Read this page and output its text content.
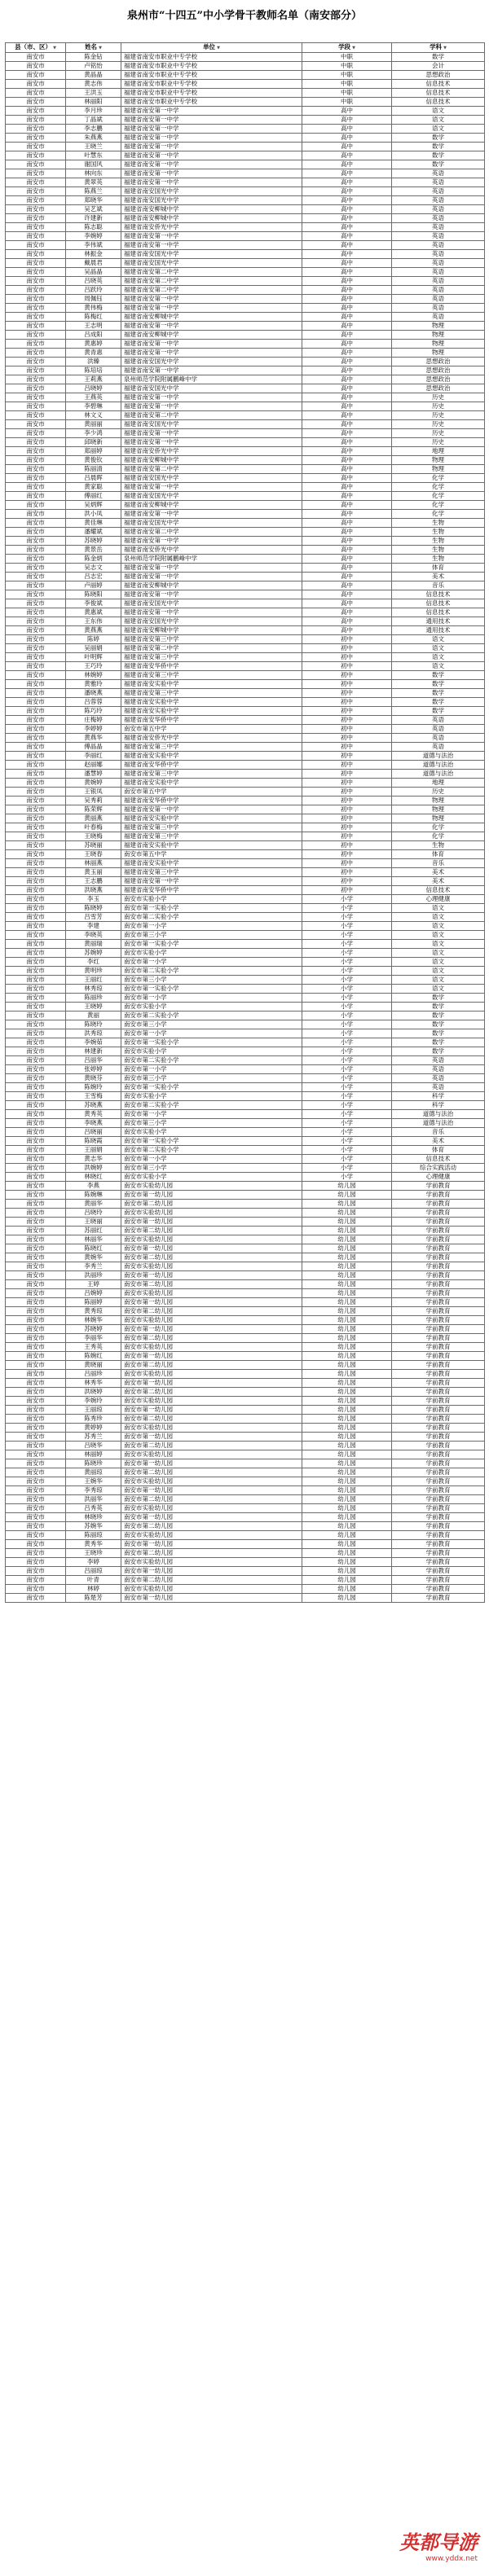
泉州市“十四五”中小学骨干教师名单（南安部分）
县（市、区） ▼	姓名 ▼	单位 ▼	学段 ▼	学科 ▼
南安市	陈金钻	福建省南安市职业中专学校	中职	数学
南安市	卢铭怡	福建省南安市职业中专学校	中职	会计
南安市	黄晶晶	福建省南安市职业中专学校	中职	思想政治
南安市	黄志伟	福建省南安市职业中专学校	中职	信息技术
南安市	王洪玉	福建省南安市职业中专学校	中职	信息技术
南安市	林丽阳	福建省南安市职业中专学校	中职	信息技术
南安市	李月珍	福建省南安第一中学	高中	语文
南安市	丁晶斌	福建省南安第一中学	高中	语文
南安市	李志鹏	福建省南安第一中学	高中	语文
南安市	朱燕燕	福建省南安第一中学	高中	数学
南安市	王晓兰	福建省南安第一中学	高中	数学
南安市	叶慧东	福建省南安第一中学	高中	数学
南安市	谢国风	福建省南安第一中学	高中	数学
南安市	林向东	福建省南安第一中学	高中	英语
南安市	黄翠英	福建省南安第一中学	高中	英语
南安市	陈燕兰	福建省南安国光中学	高中	英语
南安市	郑晓华	福建省南安国光中学	高中	英语
南安市	吴艺斌	福建省南安柳城中学	高中	英语
南安市	许建新	福建省南安柳城中学	高中	英语
南安市	陈志聪	福建省南安侨光中学	高中	英语
南安市	李婉婷	福建省南安第一中学	高中	英语
南安市	李伟斌	福建省南安第一中学	高中	英语
南安市	林振金	福建省南安国光中学	高中	英语
南安市	戴晨君	福建省南安国光中学	高中	英语
南安市	吴晶晶	福建省南安第二中学	高中	英语
南安市	吕晓英	福建省南安第二中学	高中	英语
南安市	吕跃玲	福建省南安第二中学	高中	英语
南安市	周佩钰	福建省南安第一中学	高中	英语
南安市	黄伟梅	福建省南安第一中学	高中	英语
南安市	陈梅红	福建省南安柳城中学	高中	英语
南安市	王志明	福建省南安第一中学	高中	物理
南安市	吕成阳	福建省南安柳城中学	高中	物理
南安市	黄惠婷	福建省南安第一中学	高中	物理
南安市	黄青惠	福建省南安第一中学	高中	物理
南安市	洪臻	福建省南安国光中学	高中	思想政治
南安市	陈培培	福建省南安第一中学	高中	思想政治
南安市	王莉燕	泉州师范学院附属鹏峰中学	高中	思想政治
南安市	吕晓婷	福建省南安国光中学	高中	思想政治
南安市	王燕英	福建省南安第一中学	高中	历史
南安市	李碧琳	福建省南安第一中学	高中	历史
南安市	林文义	福建省南安第二中学	高中	历史
南安市	黄丽丽	福建省南安国光中学	高中	历史
南安市	李少鸿	福建省南安第一中学	高中	历史
南安市	邱晓新	福建省南安第一中学	高中	历史
南安市	郑丽婷	福建省南安侨光中学	高中	地理
南安市	黄俊钦	福建省南安柳城中学	高中	物理
南安市	陈丽清	福建省南安第二中学	高中	物理
南安市	吕晨晖	福建省南安国光中学	高中	化学
南安市	黄家聪	福建省南安第一中学	高中	化学
南安市	傅丽红	福建省南安国光中学	高中	化学
南安市	吴炳辉	福建省南安柳城中学	高中	化学
南安市	洪小凤	福建省南安第一中学	高中	化学
南安市	黄佳琳	福建省南安国光中学	高中	生物
南安市	潘耀斌	福建省南安第二中学	高中	生物
南安市	苏晓婷	福建省南安第一中学	高中	生物
南安市	黄景岳	福建省南安侨光中学	高中	生物
南安市	陈金炳	泉州师范学院附属鹏峰中学	高中	生物
南安市	吴志文	福建省南安第一中学	高中	体育
南安市	吕志宏	福建省南安第一中学	高中	美术
南安市	卢丽婷	福建省南安柳城中学	高中	音乐
南安市	陈晓阳	福建省南安第一中学	高中	信息技术
南安市	李俊斌	福建省南安国光中学	高中	信息技术
南安市	黄惠斌	福建省南安第一中学	高中	信息技术
南安市	王东伟	福建省南安国光中学	高中	通用技术
南安市	黄燕燕	福建省南安柳城中学	高中	通用技术
南安市	陈婷	福建省南安第三中学	初中	语文
南安市	吴丽娟	福建省南安第二中学	初中	语文
南安市	叶明辉	福建省南安第三中学	初中	语文
南安市	王巧玲	福建省南安华侨中学	初中	语文
南安市	林婉婷	福建省南安第三中学	初中	数学
南安市	黄雅玲	福建省南安实验中学	初中	数学
南安市	潘晓燕	福建省南安第三中学	初中	数学
南安市	吕蓉蓉	福建省南安实验中学	初中	数学
南安市	陈巧玲	福建省南安实验中学	初中	数学
南安市	庄梅婷	福建省南安华侨中学	初中	英语
南安市	李婷婷	南安市第五中学	初中	英语
南安市	黄燕华	福建省南安侨光中学	初中	英语
南安市	傅晶晶	福建省南安第三中学	初中	英语
南安市	李丽红	福建省南安实验中学	初中	道德与法治
南安市	赵丽娜	福建省南安华侨中学	初中	道德与法治
南安市	潘慧婷	福建省南安第三中学	初中	道德与法治
南安市	黄婉婷	福建省南安实验中学	初中	地理
南安市	王银凤	南安市第五中学	初中	历史
南安市	吴秀莉	福建省南安华侨中学	初中	物理
南安市	陈荣辉	福建省南安第一中学	初中	物理
南安市	黄丽燕	福建省南安实验中学	初中	物理
南安市	叶春梅	福建省南安第三中学	初中	化学
南安市	王晓梅	福建省南安第三中学	初中	化学
南安市	苏晓丽	福建省南安实验中学	初中	生物
南安市	王晓春	南安市第五中学	初中	体育
南安市	林丽燕	福建省南安实验中学	初中	音乐
南安市	黄玉丽	福建省南安第三中学	初中	美术
南安市	王志鹏	福建省南安第一中学	初中	美术
南安市	洪晓燕	福建省南安华侨中学	初中	信息技术
南安市	李玉	南安市实验小学	小学	心理健康
南安市	陈晓婷	南安市第一实验小学	小学	语文
南安市	吕雪芳	南安市第二实验小学	小学	语文
南安市	李建	南安市第一小学	小学	语文
南安市	李晓英	南安市第三小学	小学	语文
南安市	黄丽瑞	南安市第一实验小学	小学	语文
南安市	苏婉婷	南安市实验小学	小学	语文
南安市	李红	南安市第一小学	小学	语文
南安市	黄明珍	南安市第二实验小学	小学	语文
南安市	王丽红	南安市第三小学	小学	语文
南安市	林秀琼	南安市第一实验小学	小学	语文
南安市	陈丽珍	南安市第一小学	小学	数学
南安市	王晓婷	南安市实验小学	小学	数学
南安市	黄丽	南安市第二实验小学	小学	数学
南安市	陈晓玲	南安市第三小学	小学	数学
南安市	洪秀琼	南安市第一小学	小学	数学
南安市	李婉茹	南安市第一实验小学	小学	数学
南安市	林建新	南安市实验小学	小学	数学
南安市	吕丽华	南安市第二实验小学	小学	英语
南安市	张婷婷	南安市第一小学	小学	英语
南安市	黄晓芬	南安市第三小学	小学	英语
南安市	陈婉玲	南安市第一实验小学	小学	英语
南安市	王雪梅	南安市实验小学	小学	科学
南安市	苏晓燕	南安市第二实验小学	小学	科学
南安市	黄秀英	南安市第一小学	小学	道德与法治
南安市	李晓燕	南安市第三小学	小学	道德与法治
南安市	吕晓丽	南安市实验小学	小学	音乐
南安市	陈晓霞	南安市第一实验小学	小学	美术
南安市	王丽娟	南安市第二实验小学	小学	体育
南安市	黄志华	南安市第一小学	小学	信息技术
南安市	洪婉婷	南安市第三小学	小学	综合实践活动
南安市	林晓红	南安市实验小学	小学	心理健康
南安市	李燕	南安市实验幼儿园	幼儿园	学前教育
南安市	陈婉琳	南安市第一幼儿园	幼儿园	学前教育
南安市	黄丽华	南安市第二幼儿园	幼儿园	学前教育
南安市	吕晓玲	南安市实验幼儿园	幼儿园	学前教育
南安市	王晓丽	南安市第一幼儿园	幼儿园	学前教育
南安市	苏丽红	南安市第二幼儿园	幼儿园	学前教育
南安市	林丽华	南安市实验幼儿园	幼儿园	学前教育
南安市	陈晓红	南安市第一幼儿园	幼儿园	学前教育
南安市	黄婉华	南安市第二幼儿园	幼儿园	学前教育
南安市	李秀兰	南安市实验幼儿园	幼儿园	学前教育
南安市	洪丽珍	南安市第一幼儿园	幼儿园	学前教育
南安市	王婷	南安市第二幼儿园	幼儿园	学前教育
南安市	吕婉婷	南安市实验幼儿园	幼儿园	学前教育
南安市	陈丽婷	南安市第一幼儿园	幼儿园	学前教育
南安市	黄秀琼	南安市第二幼儿园	幼儿园	学前教育
南安市	林婉华	南安市实验幼儿园	幼儿园	学前教育
南安市	苏晓婷	南安市第一幼儿园	幼儿园	学前教育
南安市	李丽华	南安市第二幼儿园	幼儿园	学前教育
南安市	王秀英	南安市实验幼儿园	幼儿园	学前教育
南安市	陈婉红	南安市第一幼儿园	幼儿园	学前教育
南安市	黄晓丽	南安市第二幼儿园	幼儿园	学前教育
南安市	吕丽珍	南安市实验幼儿园	幼儿园	学前教育
南安市	林秀华	南安市第一幼儿园	幼儿园	学前教育
南安市	洪晓婷	南安市第二幼儿园	幼儿园	学前教育
南安市	李婉玲	南安市实验幼儿园	幼儿园	学前教育
南安市	王丽琼	南安市第一幼儿园	幼儿园	学前教育
南安市	陈秀珍	南安市第二幼儿园	幼儿园	学前教育
南安市	黄婷婷	南安市实验幼儿园	幼儿园	学前教育
南安市	苏秀兰	南安市第一幼儿园	幼儿园	学前教育
南安市	吕晓华	南安市第二幼儿园	幼儿园	学前教育
南安市	林丽婷	南安市实验幼儿园	幼儿园	学前教育
南安市	陈晓珍	南安市第一幼儿园	幼儿园	学前教育
南安市	黄丽琼	南安市第二幼儿园	幼儿园	学前教育
南安市	王婉华	南安市实验幼儿园	幼儿园	学前教育
南安市	李秀琼	南安市第一幼儿园	幼儿园	学前教育
南安市	洪丽华	南安市第二幼儿园	幼儿园	学前教育
南安市	吕秀英	南安市实验幼儿园	幼儿园	学前教育
南安市	林晓珍	南安市第一幼儿园	幼儿园	学前教育
南安市	苏婉华	南安市第二幼儿园	幼儿园	学前教育
南安市	陈丽琼	南安市实验幼儿园	幼儿园	学前教育
南安市	黄秀华	南安市第一幼儿园	幼儿园	学前教育
南安市	王晓珍	南安市第二幼儿园	幼儿园	学前教育
南安市	李婷	南安市实验幼儿园	幼儿园	学前教育
南安市	吕丽琼	南安市第一幼儿园	幼儿园	学前教育
南安市	叶青	南安市第二幼儿园	幼儿园	学前教育
南安市	林婷	南安市实验幼儿园	幼儿园	学前教育
南安市	陈楚芳	南安市第一幼儿园	幼儿园	学前教育
英都导游
www.yddx.net
